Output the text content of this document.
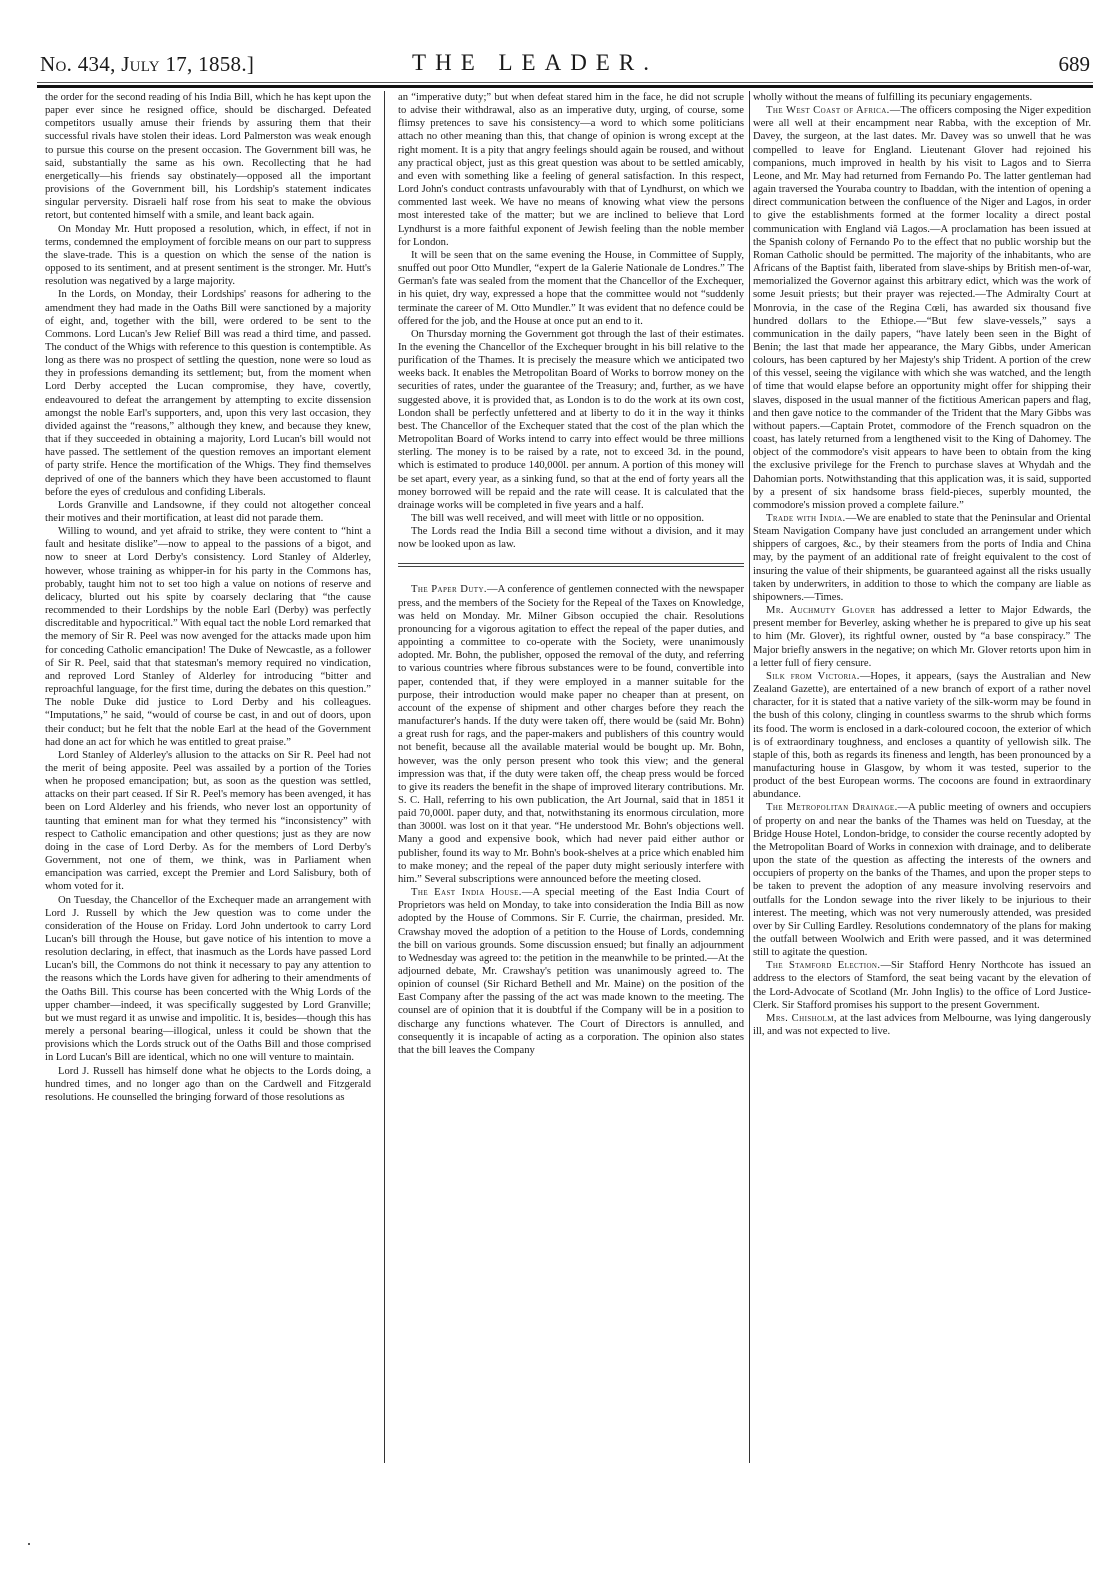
No. 434, July 17, 1858.]	THE LEADER.	689

the order for the second reading of his India Bill, which he has kept upon the paper ever since he resigned office, should be discharged. Defeated competitors usually amuse their friends by assuring them that their successful rivals have stolen their ideas. Lord Palmerston was weak enough to pursue this course on the present occasion. The Government bill was, he said, substantially the same as his own. Recollecting that he had energetically—his friends say obstinately—opposed all the important provisions of the Government bill, his Lordship's statement indicates singular perversity. Disraeli half rose from his seat to make the obvious retort, but contented himself with a smile, and leant back again.

On Monday Mr. Hutt proposed a resolution, which, in effect, if not in terms, condemned the employment of forcible means on our part to suppress the slave-trade. This is a question on which the sense of the nation is opposed to its sentiment, and at present sentiment is the stronger. Mr. Hutt's resolution was negatived by a large majority.

In the Lords, on Monday, their Lordships' reasons for adhering to the amendment they had made in the Oaths Bill were sanctioned by a majority of eight, and, together with the bill, were ordered to be sent to the Commons. Lord Lucan's Jew Relief Bill was read a third time, and passed. The conduct of the Whigs with reference to this question is contemptible. As long as there was no prospect of settling the question, none were so loud as they in professions demanding its settlement; but, from the moment when Lord Derby accepted the Lucan compromise, they have, covertly, endeavoured to defeat the arrangement by attempting to excite dissension amongst the noble Earl's supporters, and, upon this very last occasion, they divided against the “reasons,” although they knew, and because they knew, that if they succeeded in obtaining a majority, Lord Lucan's bill would not have passed. The settlement of the question removes an important element of party strife. Hence the mortification of the Whigs. They find themselves deprived of one of the banners which they have been accustomed to flaunt before the eyes of credulous and confiding Liberals.

Lords Granville and Landsowne, if they could not altogether conceal their motives and their mortification, at least did not parade them.

Willing to wound, and yet afraid to strike, they were content to “hint a fault and hesitate dislike”—now to appeal to the passions of a bigot, and now to sneer at Lord Derby's consistency. Lord Stanley of Alderley, however, whose training as whipper-in for his party in the Commons has, probably, taught him not to set too high a value on notions of reserve and delicacy, blurted out his spite by coarsely declaring that “the cause recommended to their Lordships by the noble Earl (Derby) was perfectly discreditable and hypocritical.” With equal tact the noble Lord remarked that the memory of Sir R. Peel was now avenged for the attacks made upon him for conceding Catholic emancipation! The Duke of Newcastle, as a follower of Sir R. Peel, said that that statesman's memory required no vindication, and reproved Lord Stanley of Alderley for introducing “bitter and reproachful language, for the first time, during the debates on this question.” The noble Duke did justice to Lord Derby and his colleagues. “Imputations,” he said, “would of course be cast, in and out of doors, upon their conduct; but he felt that the noble Earl at the head of the Government had done an act for which he was entitled to great praise.”

Lord Stanley of Alderley's allusion to the attacks on Sir R. Peel had not the merit of being apposite. Peel was assailed by a portion of the Tories when he proposed emancipation; but, as soon as the question was settled, attacks on their part ceased. If Sir R. Peel's memory has been avenged, it has been on Lord Alderley and his friends, who never lost an opportunity of taunting that eminent man for what they termed his “inconsistency” with respect to Catholic emancipation and other questions; just as they are now doing in the case of Lord Derby. As for the members of Lord Derby's Government, not one of them, we think, was in Parliament when emancipation was carried, except the Premier and Lord Salisbury, both of whom voted for it.

On Tuesday, the Chancellor of the Exchequer made an arrangement with Lord J. Russell by which the Jew question was to come under the consideration of the House on Friday. Lord John undertook to carry Lord Lucan's bill through the House, but gave notice of his intention to move a resolution declaring, in effect, that inasmuch as the Lords have passed Lord Lucan's bill, the Commons do not think it necessary to pay any attention to the reasons which the Lords have given for adhering to their amendments of the Oaths Bill. This course has been concerted with the Whig Lords of the upper chamber—indeed, it was specifically suggested by Lord Granville; but we must regard it as unwise and impolitic. It is, besides—though this has merely a personal bearing—illogical, unless it could be shown that the provisions which the Lords struck out of the Oaths Bill and those comprised in Lord Lucan's Bill are identical, which no one will venture to maintain.

Lord J. Russell has himself done what he objects to the Lords doing, a hundred times, and no longer ago than on the Cardwell and Fitzgerald resolutions. He counselled the bringing forward of those resolutions as

an “imperative duty;” but when defeat stared him in the face, he did not scruple to advise their withdrawal, also as an imperative duty, urging, of course, some flimsy pretences to save his consistency—a word to which some politicians attach no other meaning than this, that change of opinion is wrong except at the right moment. It is a pity that angry feelings should again be roused, and without any practical object, just as this great question was about to be settled amicably, and even with something like a feeling of general satisfaction. In this respect, Lord John's conduct contrasts unfavourably with that of Lyndhurst, on which we commented last week. We have no means of knowing what view the persons most interested take of the matter; but we are inclined to believe that Lord Lyndhurst is a more faithful exponent of Jewish feeling than the noble member for London.

It will be seen that on the same evening the House, in Committee of Supply, snuffed out poor Otto Mundler, “expert de la Galerie Nationale de Londres.” The German's fate was sealed from the moment that the Chancellor of the Exchequer, in his quiet, dry way, expressed a hope that the committee would not “suddenly terminate the career of M. Otto Mundler.” It was evident that no defence could be offered for the job, and the House at once put an end to it.

On Thursday morning the Government got through the last of their estimates. In the evening the Chancellor of the Exchequer brought in his bill relative to the purification of the Thames. It is precisely the measure which we anticipated two weeks back. It enables the Metropolitan Board of Works to borrow money on the securities of rates, under the guarantee of the Treasury; and, further, as we have suggested above, it is provided that, as London is to do the work at its own cost, London shall be perfectly unfettered and at liberty to do it in the way it thinks best. The Chancellor of the Exchequer stated that the cost of the plan which the Metropolitan Board of Works intend to carry into effect would be three millions sterling. The money is to be raised by a rate, not to exceed 3d. in the pound, which is estimated to produce 140,000l. per annum. A portion of this money will be set apart, every year, as a sinking fund, so that at the end of forty years all the money borrowed will be repaid and the rate will cease. It is calculated that the drainage works will be completed in five years and a half.

The bill was well received, and will meet with little or no opposition.

The Lords read the India Bill a second time without a division, and it may now be looked upon as law.

The Paper Duty.—A conference of gentlemen connected with the newspaper press, and the members of the Society for the Repeal of the Taxes on Knowledge, was held on Monday. Mr. Milner Gibson occupied the chair. Resolutions pronouncing for a vigorous agitation to effect the repeal of the paper duties, and appointing a committee to co-operate with the Society, were unanimously adopted. Mr. Bohn, the publisher, opposed the removal of the duty, and referring to various countries where fibrous substances were to be found, convertible into paper, contended that, if they were employed in a manner suitable for the purpose, their introduction would make paper no cheaper than at present, on account of the expense of shipment and other charges before they reach the manufacturer's hands. If the duty were taken off, there would be (said Mr. Bohn) a great rush for rags, and the paper-makers and publishers of this country would not benefit, because all the available material would be bought up. Mr. Bohn, however, was the only person present who took this view; and the general impression was that, if the duty were taken off, the cheap press would be forced to give its readers the benefit in the shape of improved literary contributions. Mr. S. C. Hall, referring to his own publication, the Art Journal, said that in 1851 it paid 70,000l. paper duty, and that, notwithstaning its enormous circulation, more than 3000l. was lost on it that year. “He understood Mr. Bohn's objections well. Many a good and expensive book, which had never paid either author or publisher, found its way to Mr. Bohn's book-shelves at a price which enabled him to make money; and the repeal of the paper duty might seriously interfere with him.” Several subscriptions were announced before the meeting closed.

The East India House.—A special meeting of the East India Court of Proprietors was held on Monday, to take into consideration the India Bill as now adopted by the House of Commons. Sir F. Currie, the chairman, presided. Mr. Crawshay moved the adoption of a petition to the House of Lords, condemning the bill on various grounds. Some discussion ensued; but finally an adjournment to Wednesday was agreed to: the petition in the meanwhile to be printed.—At the adjourned debate, Mr. Crawshay's petition was unanimously agreed to. The opinion of counsel (Sir Richard Bethell and Mr. Maine) on the position of the East Company after the passing of the act was made known to the meeting. The counsel are of opinion that it is doubtful if the Company will be in a position to discharge any functions whatever. The Court of Directors is annulled, and consequently it is incapable of acting as a corporation. The opinion also states that the bill leaves the Company

wholly without the means of fulfilling its pecuniary engagements.

The West Coast of Africa.—The officers composing the Niger expedition were all well at their encampment near Rabba, with the exception of Mr. Davey, the surgeon, at the last dates. Mr. Davey was so unwell that he was compelled to leave for England. Lieutenant Glover had rejoined his companions, much improved in health by his visit to Lagos and to Sierra Leone, and Mr. May had returned from Fernando Po. The latter gentleman had again traversed the Yourabа country to Ibaddan, with the intention of opening a direct communication between the confluence of the Niger and Lagos, in order to give the establishments formed at the former locality a direct postal communication with England viâ Lagos.—A proclamation has been issued at the Spanish colony of Fernando Po to the effect that no public worship but the Roman Catholic should be permitted. The majority of the inhabitants, who are Africans of the Baptist faith, liberated from slave-ships by British men-of-war, memorialized the Governor against this arbitrary edict, which was the work of some Jesuit priests; but their prayer was rejected.—The Admiralty Court at Monrovia, in the case of the Regina Cœli, has awarded six thousand five hundred dollars to the Ethiope.—“But few slave-vessels,” says a communication in the daily papers, “have lately been seen in the Bight of Benin; the last that made her appearance, the Mary Gibbs, under American colours, has been captured by her Majesty's ship Trident. A portion of the crew of this vessel, seeing the vigilance with which she was watched, and the length of time that would elapse before an opportunity might offer for shipping their slaves, disposed in the usual manner of the fictitious American papers and flag, and then gave notice to the commander of the Trident that the Mary Gibbs was without papers.—Captain Protet, commodore of the French squadron on the coast, has lately returned from a lengthened visit to the King of Dahomey. The object of the commodore's visit appears to have been to obtain from the king the exclusive privilege for the French to purchase slaves at Whydah and the Dahomian ports. Notwithstanding that this application was, it is said, supported by a present of six handsome brass field-pieces, superbly mounted, the commodore's mission proved a complete failure.”

Trade with India.—We are enabled to state that the Peninsular and Oriental Steam Navigation Company have just concluded an arrangement under which shippers of cargoes, &c., by their steamers from the ports of India and China may, by the payment of an additional rate of freight equivalent to the cost of insuring the value of their shipments, be guaranteed against all the risks usually taken by underwriters, in addition to those to which the company are liable as shipowners.—Times.

Mr. Auchmuty Glover has addressed a letter to Major Edwards, the present member for Beverley, asking whether he is prepared to give up his seat to him (Mr. Glover), its rightful owner, ousted by “a base conspiracy.” The Major briefly answers in the negative; on which Mr. Glover retorts upon him in a letter full of fiery censure.

Silk from Victoria.—Hopes, it appears, (says the Australian and New Zealand Gazette), are entertained of a new branch of export of a rather novel character, for it is stated that a native variety of the silk-worm may be found in the bush of this colony, clinging in countless swarms to the shrub which forms its food. The worm is enclosed in a dark-coloured cocoon, the exterior of which is of extraordinary toughness, and encloses a quantity of yellowish silk. The staple of this, both as regards its fineness and length, has been pronounced by a manufacturing house in Glasgow, by whom it was tested, superior to the product of the best European worms. The cocoons are found in extraordinary abundance.

The Metropolitan Drainage.—A public meeting of owners and occupiers of property on and near the banks of the Thames was held on Tuesday, at the Bridge House Hotel, London-bridge, to consider the course recently adopted by the Metropolitan Board of Works in connexion with drainage, and to deliberate upon the state of the question as affecting the interests of the owners and occupiers of property on the banks of the Thames, and upon the proper steps to be taken to prevent the adoption of any measure involving reservoirs and outfalls for the London sewage into the river likely to be injurious to their interest. The meeting, which was not very numerously attended, was presided over by Sir Culling Eardley. Resolutions condemnatory of the plans for making the outfall between Woolwich and Erith were passed, and it was determined still to agitate the question.

The Stamford Election.—Sir Stafford Henry Northcote has issued an address to the electors of Stamford, the seat being vacant by the elevation of the Lord-Advocate of Scotland (Mr. John Inglis) to the office of Lord Justice-Clerk. Sir Stafford promises his support to the present Government.

Mrs. Chisholm, at the last advices from Melbourne, was lying dangerously ill, and was not expected to live.
